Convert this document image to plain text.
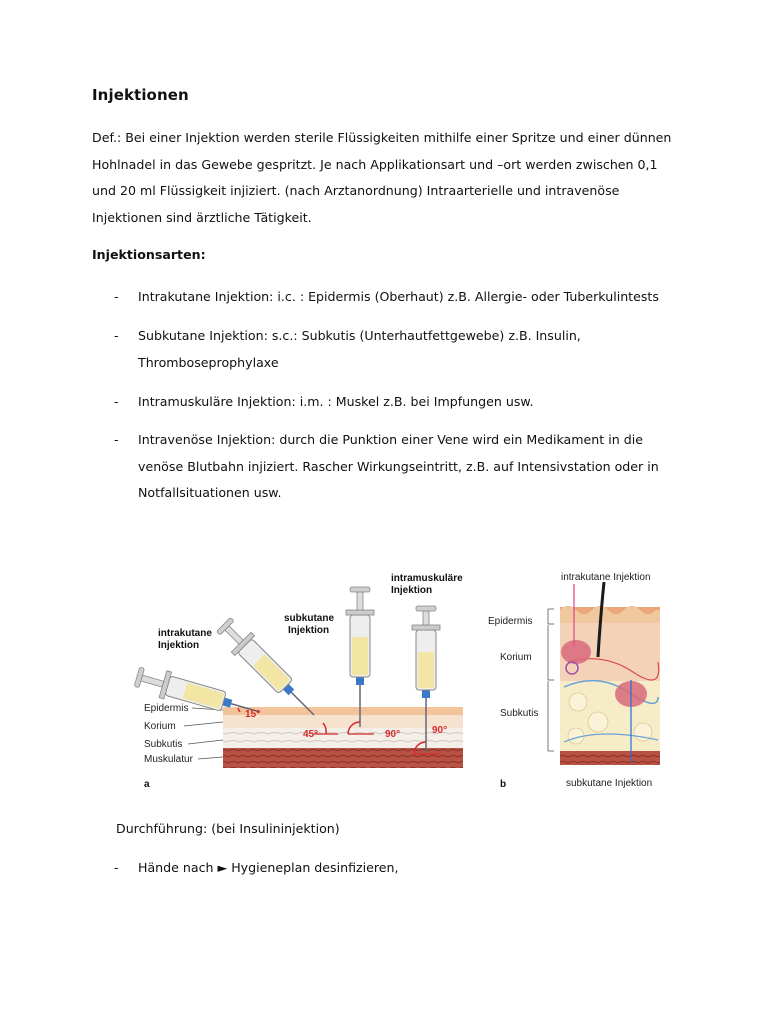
Injektionen
Def.: Bei einer Injektion werden sterile Flüssigkeiten mithilfe einer Spritze und einer dünnen
Hohlnadel in das Gewebe gespritzt. Je nach Applikationsart und –ort werden zwischen 0,1
und 20 ml Flüssigkeit injiziert. (nach Arztanordnung) Intraarterielle und intravenöse
Injektionen sind ärztliche Tätigkeit.
Injektionsarten:
- Intrakutane Injektion: i.c. : Epidermis (Oberhaut) z.B. Allergie- oder Tuberkulintests
- Subkutane Injektion: s.c.: Subkutis (Unterhautfettgewebe) z.B. Insulin,
Thromboseprophylaxe
- Intramuskuläre Injektion: i.m. : Muskel z.B. bei Impfungen usw.
- Intravenöse Injektion: durch die Punktion einer Vene wird ein Medikament in die
venöse Blutbahn injiziert. Rascher Wirkungseintritt, z.B. auf Intensivstation oder in
Notfallsituationen usw.
Epidermis
Korium
Subkutis
Muskulatur
15°
45°	90°	90°
intrakutane
Injektion
subkutane
Injektion
intramuskuläre
Injektion
a
Epidermis
Korium
Subkutis
intrakutane Injektion
subkutane Injektion
b
Durchführung: (bei Insulininjektion)
- Hände nach ► Hygieneplan desinfizieren,
